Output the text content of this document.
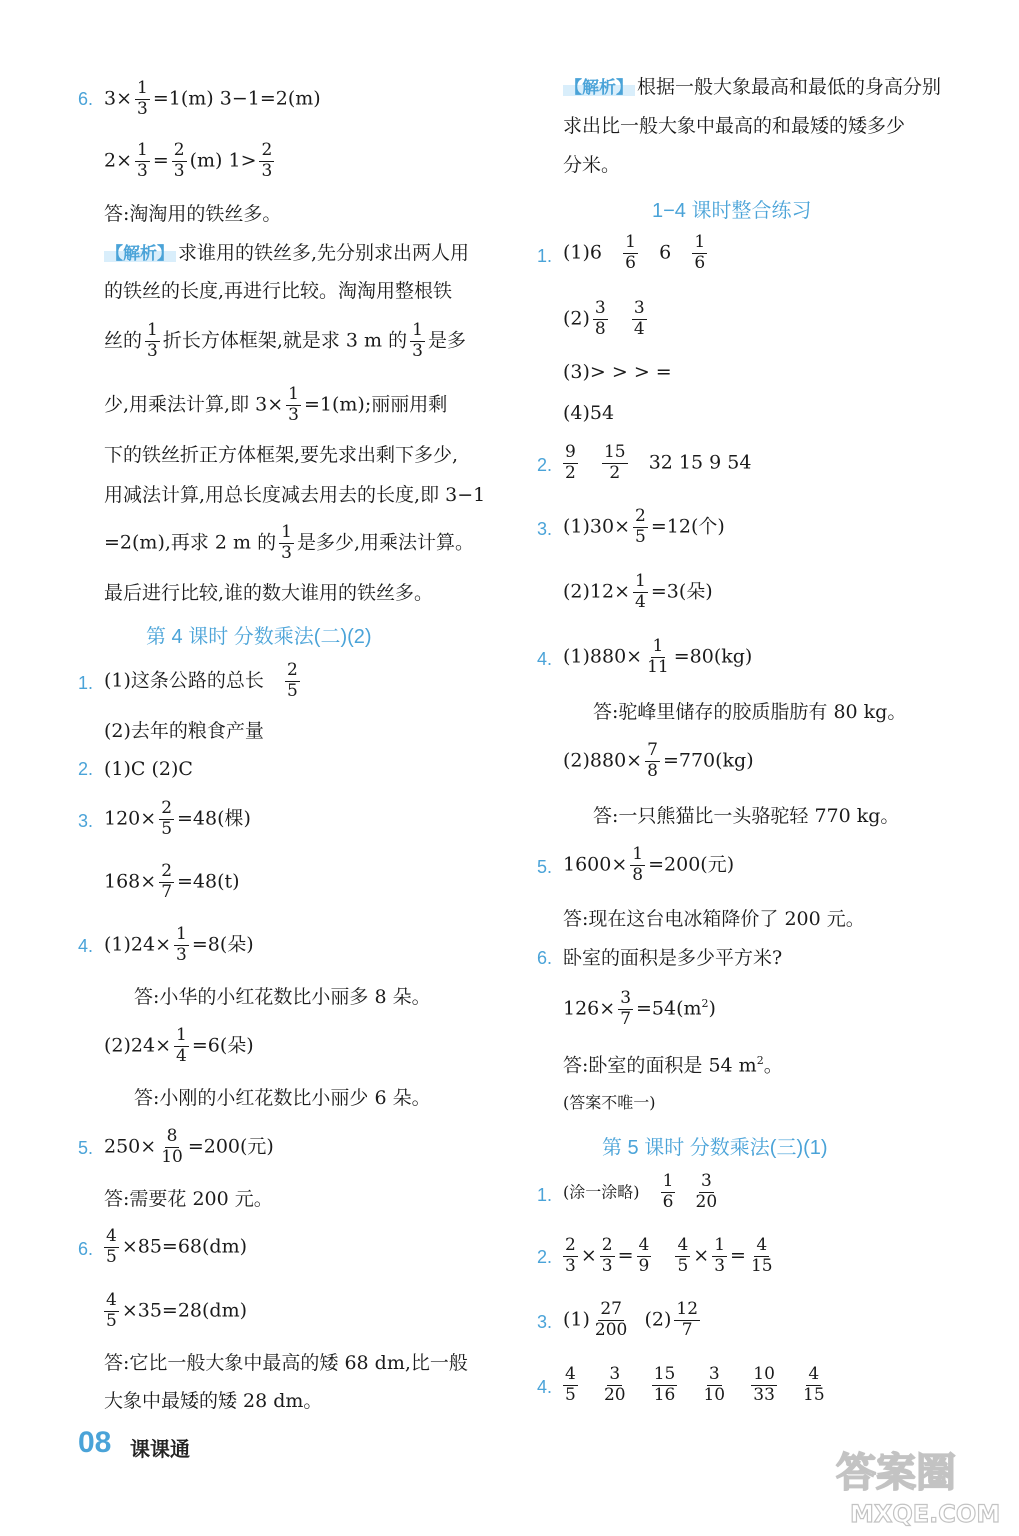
6. $3\times \frac{1}{3} =1(m)$ 3−1=2(m)
$2\times \frac{1}{3} = \frac{2}{3} (m)$ $1> \frac{2}{3}$
答:淘淘用的铁丝多。
【 解析 】 求谁用的铁丝多,先分别求出两人用
的铁丝的长度,再进行比较。淘淘用整根铁
丝的 $\frac{1}{3}$ 折长方体框架,就是求 3 m 的 $\frac{1}{3}$ 是多
少,用乘法计算,即 $3\times \frac{1}{3} =1(m)$;丽丽用剩
下的铁丝折正方体框架,要先求出剩下多少,
用减法计算,用总长度减去用去的长度,即 3−1
=2(m),再求 2 m 的 $\frac{1}{3}$ 是多少,用乘法计算。
最后进行比较,谁的数大谁用的铁丝多。
第 4 课时 分数乘法(二)(2)
1. (1)这条公路的总长 $\frac{2}{5}$
(2)去年的粮食产量
2. (1)C (2)C
3. $120\times \frac{2}{5} =48$(棵)
$168\times \frac{2}{7} =48(t)$
4. $(1)24\times \frac{1}{3} =8$(朵)
答:小华的小红花数比小丽多 8 朵。
$(2)24\times \frac{1}{4} =6$(朵)
答:小刚的小红花数比小丽少 6 朵。
5. $250\times \frac{8}{10} =200$(元)
答:需要花 200 元。
6. $\frac{4}{5} \times 85=68(dm)$
$\frac{4}{5} \times 35=28(dm)$
答:它比一般大象中最高的矮 68 dm,比一般
大象中最矮的矮 28 dm。
【 解析 】 根据一般大象最高和最低的身高分别
求出比一般大象中最高的和最矮的矮多少
分米。
1−4 课时整合练习
1. $(1)6 \frac{1}{6} 6 \frac{1}{6}$
$(2) \frac{3}{8}$
$\frac{3}{4}$
(3)> > > =
(4)54
2. $\frac{9}{2}$
$\frac{15}{2} 32$ 15 9 54
3. $(1)30\times \frac{2}{5} =12$(个)
$(2)12\times \frac{1}{4} =3$(朵)
4. $(1)880\times \frac{1}{11} =80(kg)$
答:驼峰里储存的胶质脂肪有 80 kg。
$(2)880\times \frac{7}{8} =770(kg)$
答:一只熊猫比一头骆驼轻 770 kg。
5. $1600\times \frac{1}{8} =200$(元)
答:现在这台电冰箱降价了 200 元。
6. 卧室的面积是多少平方米?
$126\times \frac{3}{7} =54(m^2)$
答:卧室的面积是 54 $m^2$。
(答案不唯一)
第 5 课时 分数乘法(三)(1)
1. (涂一涂略) $\frac{1}{6}$
$\frac{3}{20}$
2. $\frac{2}{3} \times \frac{2}{3} = \frac{4}{9}$
$\frac{4}{5} \times \frac{1}{3} = \frac{4}{15}$
3. $(1) \frac{27}{200} (2) \frac{12}{7}$
4. $\frac{4}{5}$
$\frac{3}{20}$
$\frac{15}{16}$
$\frac{3}{10}$
$\frac{10}{33}$
$\frac{4}{15}$
08 课课通	答案圈
MXQE.COM
